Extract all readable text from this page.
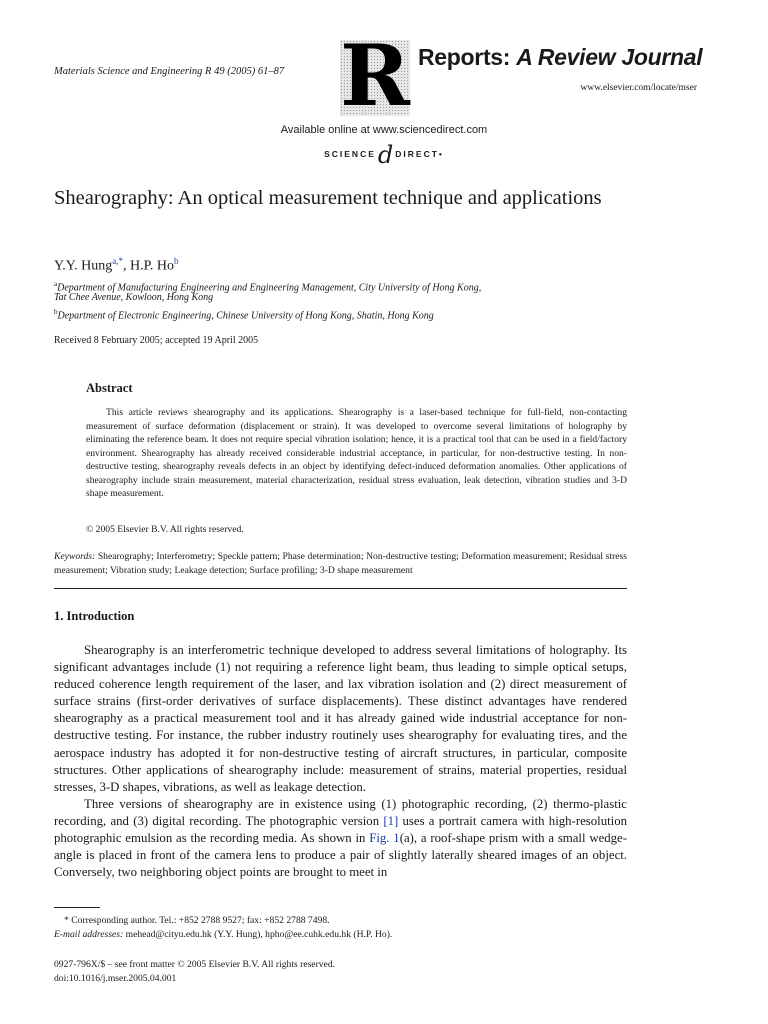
Materials Science and Engineering R 49 (2005) 61–87 R Reports: A Review Journal
www.elsevier.com/locate/mser
Available online at www.sciencedirect.com
SCIENCEd DIRECT•
Shearography: An optical measurement technique and applications
Y.Y. Hung$^{a,*}$, H.P. Ho$^b$
$^a$Department of Manufacturing Engineering and Engineering Management, City University of Hong Kong,
Tat Chee Avenue, Kowloon, Hong Kong
$^b$Department of Electronic Engineering, Chinese University of Hong Kong, Shatin, Hong Kong
Received 8 February 2005; accepted 19 April 2005
Abstract
This article reviews shearography and its applications. Shearography is a laser-based technique for full-field, non-contacting measurement of surface deformation (displacement or strain). It was developed to overcome several limitations of holography by eliminating the reference beam. It does not require special vibration isolation; hence, it is a practical tool that can be used in a field/factory environment. Shearography has already received considerable industrial acceptance, in particular, for non-destructive testing. In non-destructive testing, shearography reveals defects in an object by identifying defect-induced deformation anomalies. Other applications of shearography include strain measurement, material characterization, residual stress evaluation, leak detection, vibration studies and 3-D shape measurement.
© 2005 Elsevier B.V. All rights reserved.
Keywords: Shearography; Interferometry; Speckle pattern; Phase determination; Non-destructive testing; Deformation measurement; Residual stress measurement; Vibration study; Leakage detection; Surface profiling; 3-D shape measurement
1. Introduction

Shearography is an interferometric technique developed to address several limitations of holography. Its significant advantages include (1) not requiring a reference light beam, thus leading to simple optical setups, reduced coherence length requirement of the laser, and lax vibration isolation and (2) direct measurement of surface strains (first-order derivatives of surface displacements). These distinct advantages have rendered shearography as a practical measurement tool and it has already gained wide industrial acceptance for non-destructive testing. For instance, the rubber industry routinely uses shearography for evaluating tires, and the aerospace industry has adopted it for non-destructive testing of aircraft structures, in particular, composite structures. Other applications of shearography include: measurement of strains, material properties, residual stresses, 3-D shapes, vibrations, as well as leakage detection.

Three versions of shearography are in existence using (1) photographic recording, (2) thermo-plastic recording, and (3) digital recording. The photographic version [1] uses a portrait camera with high-resolution photographic emulsion as the recording media. As shown in Fig. 1(a), a roof-shape prism with a small wedge-angle is placed in front of the camera lens to produce a pair of slightly laterally sheared images of an object. Conversely, two neighboring object points are brought to meet in

* Corresponding author. Tel.: +852 2788 9527; fax: +852 2788 7498.
E-mail addresses: mehead@cityu.edu.hk (Y.Y. Hung), hpho@ee.cuhk.edu.hk (H.P. Ho).
0927-796X/$ – see front matter © 2005 Elsevier B.V. All rights reserved.
doi:10.1016/j.mser.2005.04.001
